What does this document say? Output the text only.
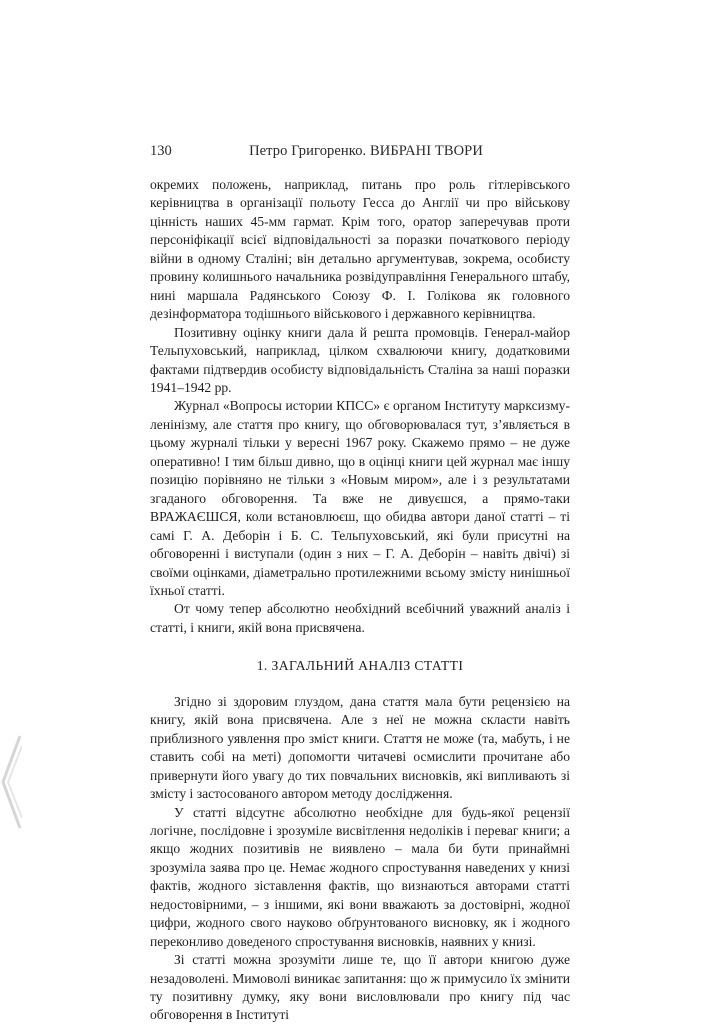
130	Петро Григоренко. ВИБРАНІ ТВОРИ

окремих положень, наприклад, питань про роль гітлерівського керівництва в організації польоту Гесса до Англії чи про військову цінність наших 45-мм гармат. Крім того, оратор заперечував проти персоніфікації всієї відповідальності за поразки початкового періоду війни в одному Сталіні; він детально аргументував, зокрема, особисту провину колишнього начальника розвідуправління Генерального штабу, нині маршала Радянського Союзу Ф. І. Голікова як головного дезінформатора тодішнього військового і державного керівництва.

Позитивну оцінку книги дала й решта промовців. Генерал-майор Тельпуховський, наприклад, цілком схвалюючи книгу, додатковими фактами підтвердив особисту відповідальність Сталіна за наші поразки 1941–1942 рр.

Журнал «Вопросы истории КПСС» є органом Інституту марксизму-ленінізму, але стаття про книгу, що обговорювалася тут, з’являється в цьому журналі тільки у вересні 1967 року. Скажемо прямо – не дуже оперативно! І тим більш дивно, що в оцінці книги цей журнал має іншу позицію порівняно не тільки з «Новым миром», але і з результатами згаданого обговорення. Та вже не дивуєшся, а прямо-таки ВРАЖАЄШСЯ, коли встановлюєш, що обидва автори даної статті – ті самі Г. А. Деборін і Б. С. Тельпуховський, які були присутні на обговоренні і виступали (один з них – Г. А. Деборін – навіть двічі) зі своїми оцінками, діаметрально протилежними всьому змісту нинішньої їхньої статті.

От чому тепер абсолютно необхідний всебічний уважний аналіз і статті, і книги, якій вона присвячена.

1. ЗАГАЛЬНИЙ АНАЛІЗ СТАТТІ

Згідно зі здоровим глуздом, дана стаття мала бути рецензією на книгу, якій вона присвячена. Але з неї не можна скласти навіть приблизного уявлення про зміст книги. Стаття не може (та, мабуть, і не ставить собі на меті) допомогти читачеві осмислити прочитане або привернути його увагу до тих повчальних висновків, які випливають зі змісту і застосованого автором методу дослідження.

У статті відсутнє абсолютно необхідне для будь-якої рецензії логічне, послідовне і зрозуміле висвітлення недоліків і переваг книги; а якщо жодних позитивів не виявлено – мала би бути принаймні зрозуміла заява про це. Немає жодного спростування наведених у книзі фактів, жодного зіставлення фактів, що визнаються авторами статті недостовірними, – з іншими, які вони вважають за достовірні, жодної цифри, жодного свого науково обґрунтованого висновку, як і жодного переконливо доведеного спростування висновків, наявних у книзі.

Зі статті можна зрозуміти лише те, що її автори книгою дуже незадоволені. Мимоволі виникає запитання: що ж примусило їх змінити ту позитивну думку, яку вони висловлювали про книгу під час обговорення в Інституті
